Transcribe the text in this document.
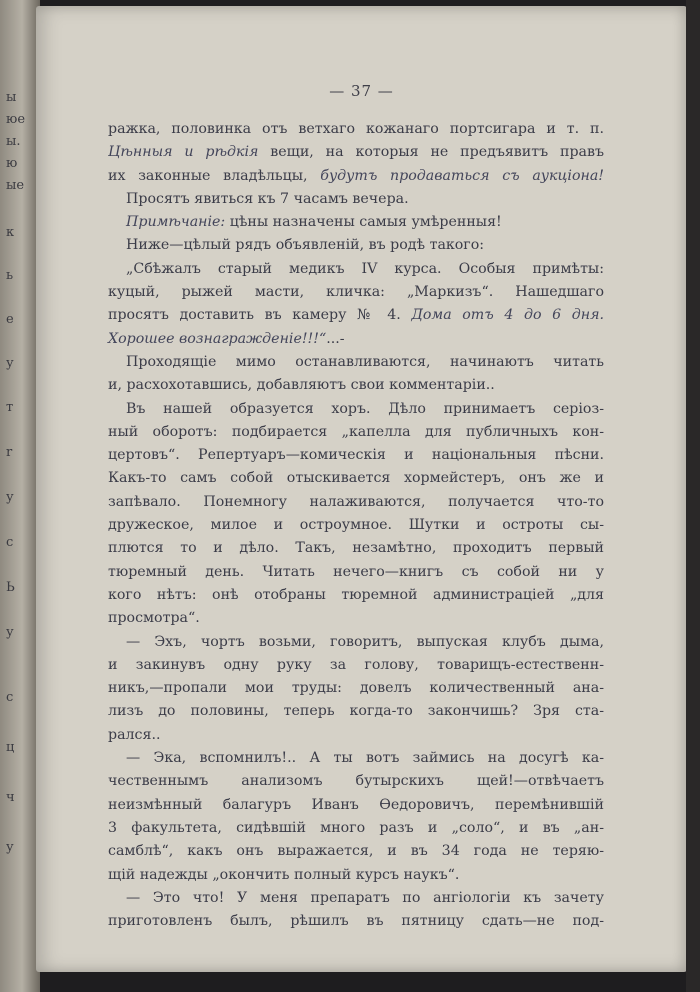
ы
юе
ы.
ю
ые
к
ь
е
у
т
r
у
с
Ь
у
с
ц
ч
у
— 37 —
ражка, половинка отъ ветхаго кожанаго портсигара и т. п.
Цѣнныя и рѣдкія вещи, на которыя не предъявитъ правъ
их законные владѣльцы, будутъ продаваться съ аукціона!
Просятъ явиться къ 7 часамъ вечера.
Примѣчаніе: цѣны назначены самыя умѣренныя!
Ниже—цѣлый рядъ объявленій, въ родѣ такого:
„Сбѣжалъ старый медикъ IV курса. Особыя примѣты:
куцый, рыжей масти, кличка: „Маркизъ“. Нашедшаго
просятъ доставить въ камеру № 4. Дома отъ 4 до 6 дня.
Хорошее вознагражденіе!!!“...-
Проходящіе мимо останавливаются, начинаютъ читать
и, расхохотавшись, добавляютъ свои комментаріи..
Въ нашей образуется хоръ. Дѣло принимаетъ серіоз-
ный оборотъ: подбирается „капелла для публичныхъ кон-
цертовъ“. Репертуаръ—комическія и національныя пѣсни.
Какъ-то самъ собой отыскивается хормейстеръ, онъ же и
запѣвало. Понемногу налаживаются, получается что-то
дружеское, милое и остроумное. Шутки и остроты сы-
плются то и дѣло. Такъ, незамѣтно, проходитъ первый
тюремный день. Читать нечего—книгъ съ собой ни у
кого нѣтъ: онѣ отобраны тюремной администраціей „для
просмотра“.
— Эхъ, чортъ возьми, говоритъ, выпуская клубъ дыма,
и закинувъ одну руку за голову, товарищъ-естественн-
никъ,—пропали мои труды: довелъ количественный ана-
лизъ до половины, теперь когда-то закончишь? Зря ста-
рался..
— Эка, вспомнилъ!.. А ты вотъ займись на досугѣ ка-
чественнымъ анализомъ бутырскихъ щей!—отвѣчаетъ
неизмѣнный балагуръ Иванъ Ѳедоровичъ, перемѣнившій
3 факультета, сидѣвшій много разъ и „соло“, и въ „ан-
самблѣ“, какъ онъ выражается, и въ 34 года не теряю-
щій надежды „окончить полный курсъ наукъ“.
— Это что! У меня препаратъ по ангіологіи къ зачету
приготовленъ былъ, рѣшилъ въ пятницу сдать—не под-
